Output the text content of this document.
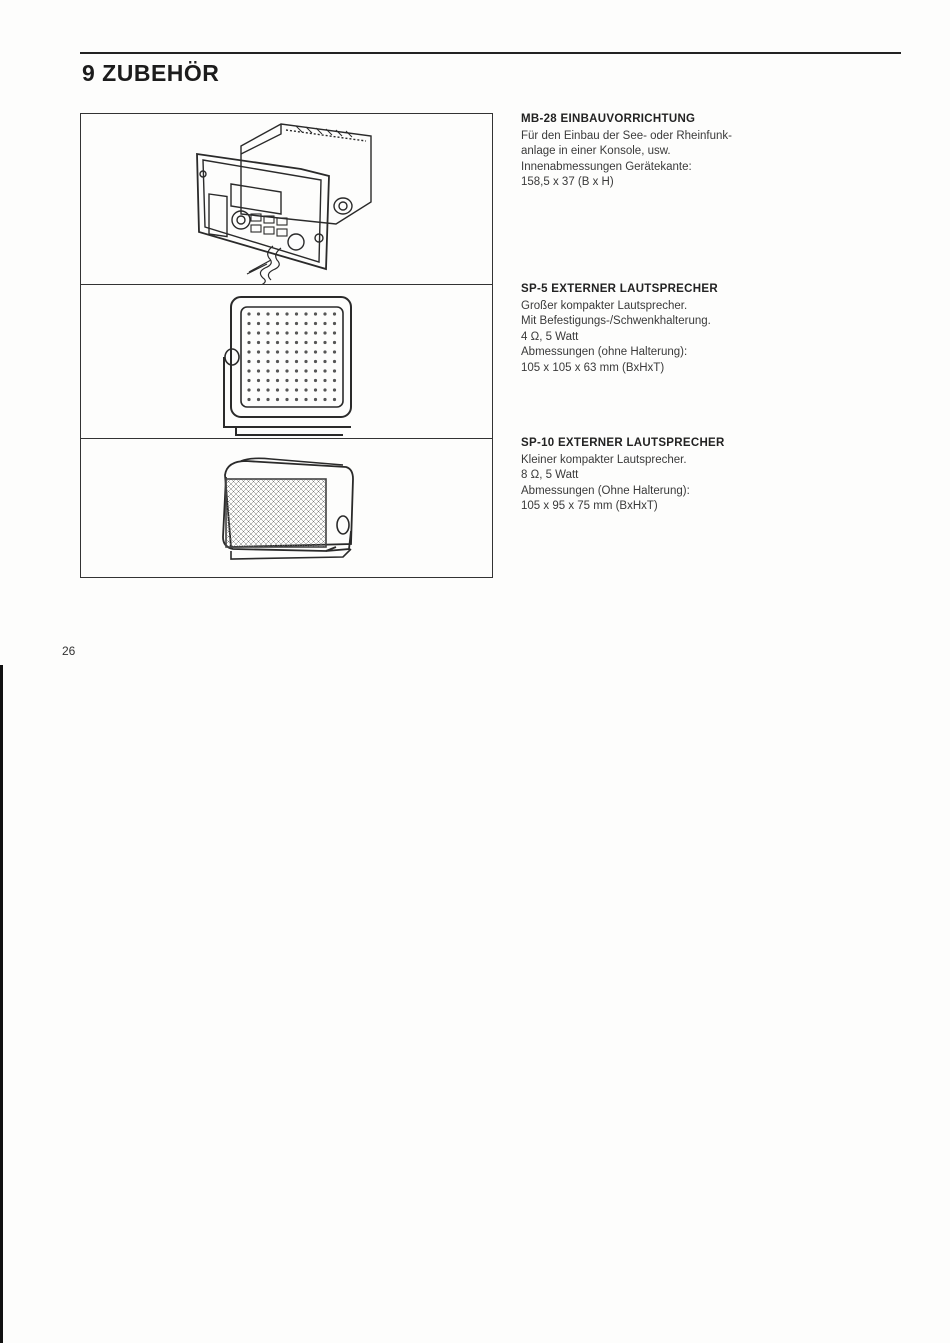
9 ZUBEHÖR
MB-28 EINBAUVORRICHTUNG
Für den Einbau der See- oder Rheinfunk-
anlage in einer Konsole, usw.
Innenabmessungen Gerätekante:
158,5 x 37 (B x H)
SP-5 EXTERNER LAUTSPRECHER
Großer kompakter Lautsprecher.
Mit Befestigungs-/Schwenkhalterung.
4 Ω, 5 Watt
Abmessungen (ohne Halterung):
105 x 105 x 63 mm (BxHxT)
SP-10 EXTERNER LAUTSPRECHER
Kleiner kompakter Lautsprecher.
8 Ω, 5 Watt
Abmessungen (Ohne Halterung):
105 x 95 x 75 mm (BxHxT)
26
